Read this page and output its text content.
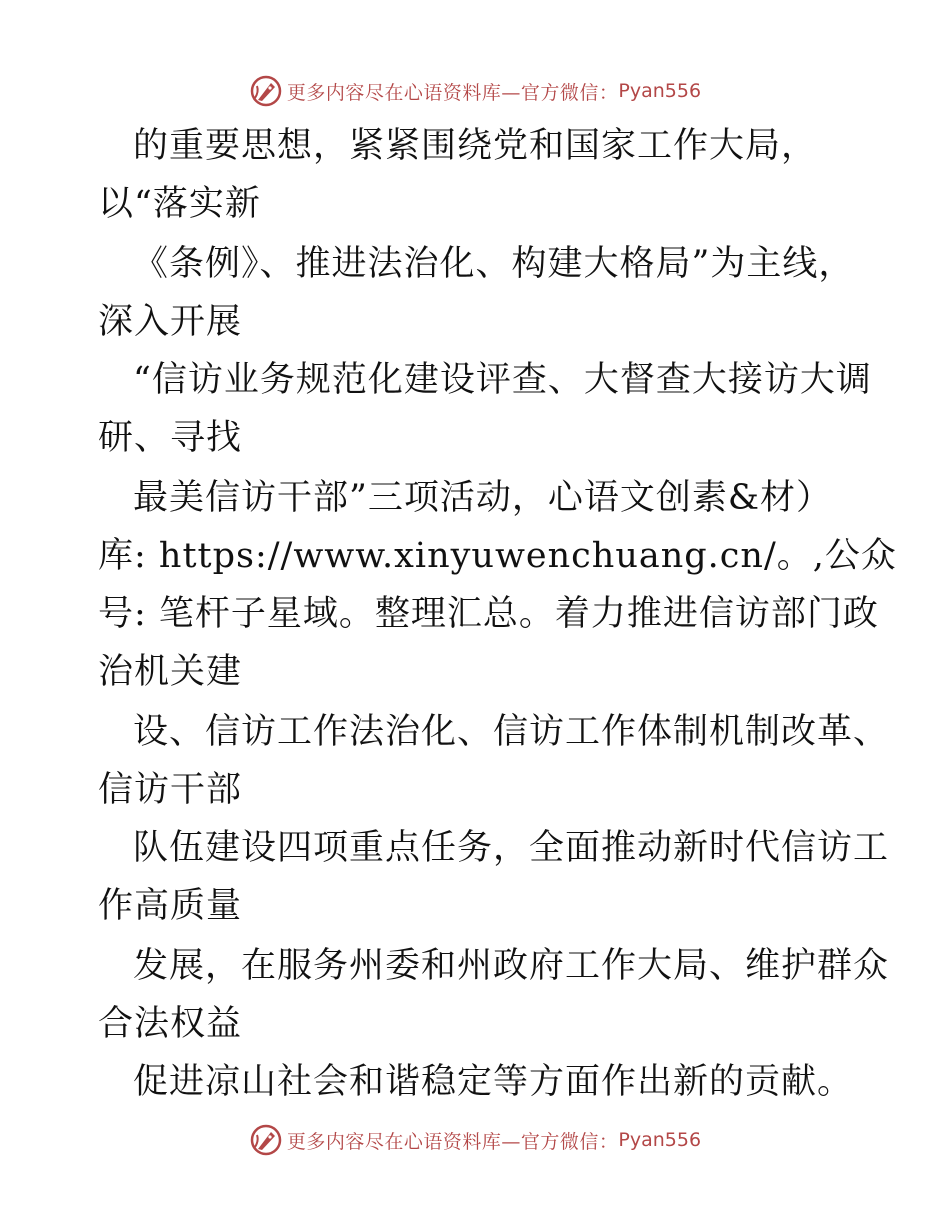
更多内容尽在心语资料库—官方微信： Pyan556
的重要思想，紧紧围绕党和国家工作大局，
以“落实新
《条例》、推进法治化、构建大格局”为主线，
深入开展
“信访业务规范化建设评查、大督查大接访大调
研、寻找
最美信访干部”三项活动，心语文创素&材）
库: https://www.xinyuwenchuang.cn/。,公众
号: 笔杆子星域。整理汇总。着力推进信访部门政
治机关建
设、信访工作法治化、信访工作体制机制改革、
信访干部
队伍建设四项重点任务，全面推动新时代信访工
作高质量
发展，在服务州委和州政府工作大局、维护群众
合法权益
促进凉山社会和谐稳定等方面作出新的贡献。
更多内容尽在心语资料库—官方微信： Pyan556
